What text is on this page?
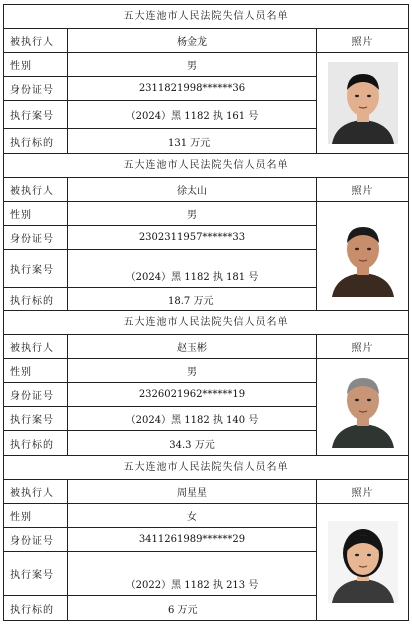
五大连池市人民法院失信人员名单
被执行人	杨金龙
性别	男
身份证号	2311821998******36
执行案号	（2024）黑 1182 执 161 号
执行标的	131 万元
照片
五大连池市人民法院失信人员名单
被执行人	徐太山
性别	男
身份证号	2302311957******33
执行案号
（2024）黑 1182 执 181 号
执行标的	18.7 万元
照片
五大连池市人民法院失信人员名单
被执行人	赵玉彬
性别	男
身份证号	2326021962******19
执行案号	（2024）黑 1182 执 140 号
执行标的	34.3 万元
照片
五大连池市人民法院失信人员名单
被执行人	周星星
性别	女
身份证号	3411261989******29
执行案号
（2022）黑 1182 执 213 号
执行标的	6 万元
照片
